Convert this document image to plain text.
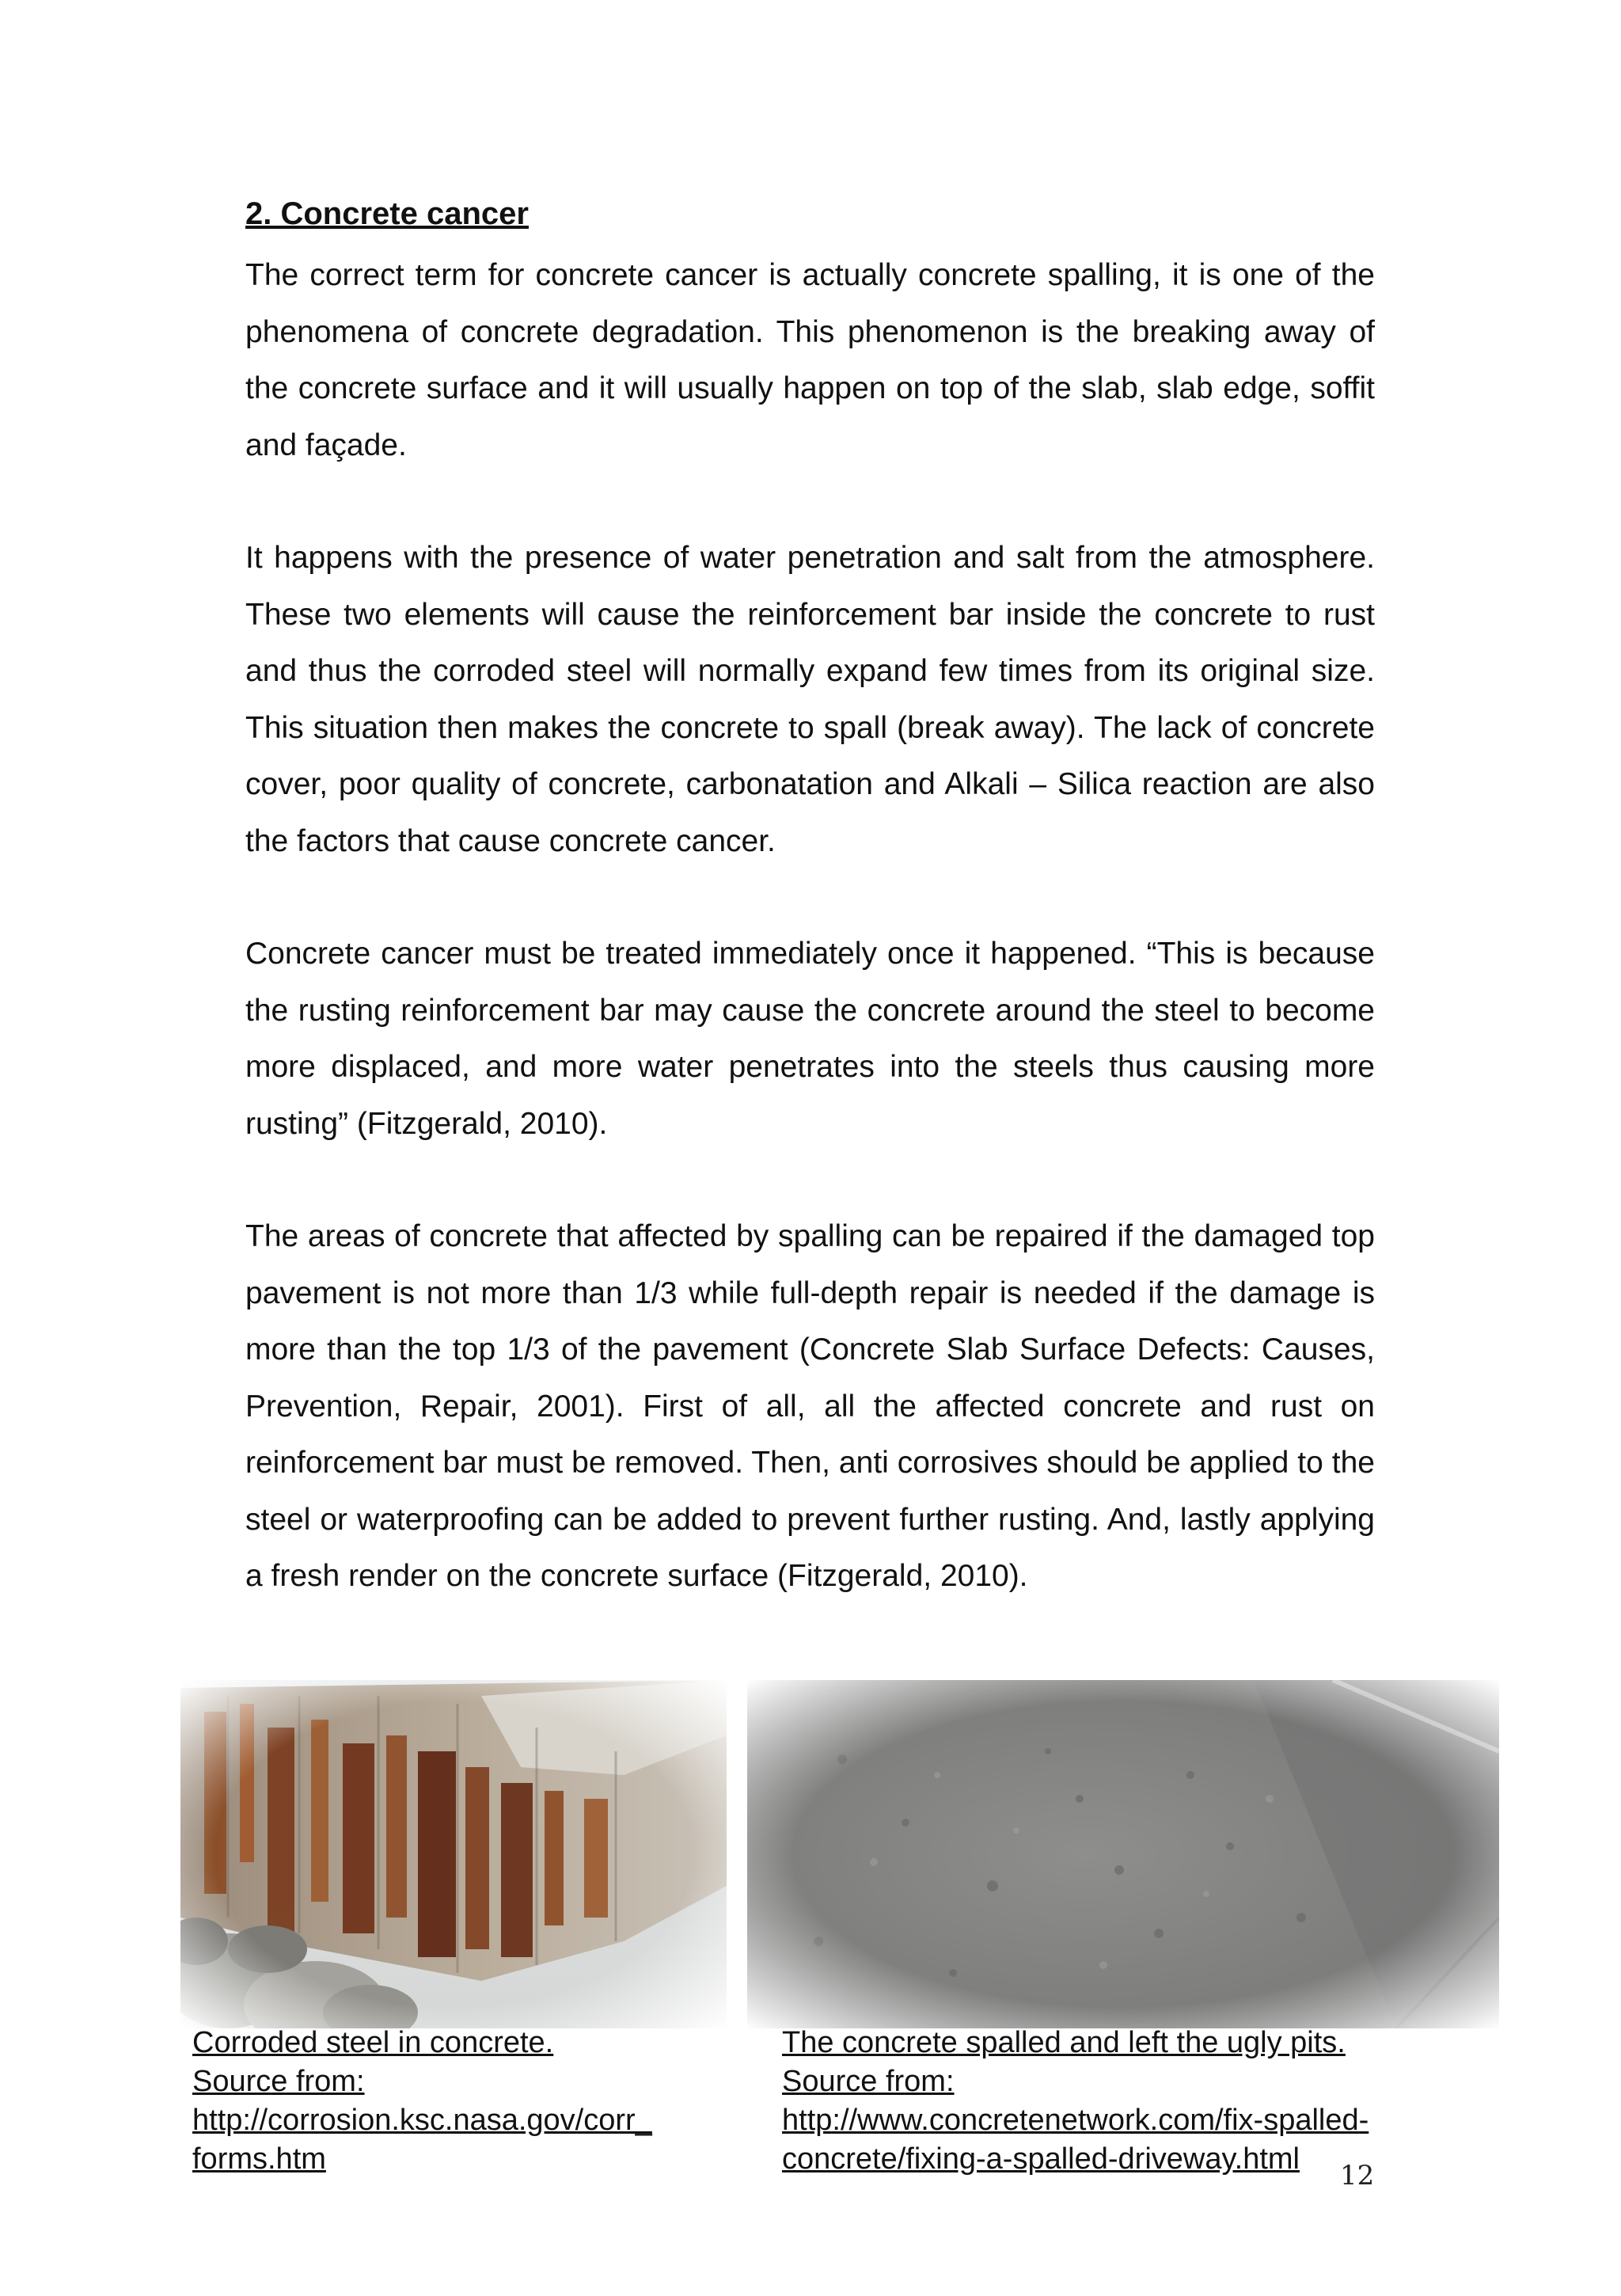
2. Concrete cancer

The correct term for concrete cancer is actually concrete spalling, it is one of the phenomena of concrete degradation. This phenomenon is the breaking away of the concrete surface and it will usually happen on top of the slab, slab edge, soffit and façade.

It happens with the presence of water penetration and salt from the atmosphere. These two elements will cause the reinforcement bar inside the concrete to rust and thus the corroded steel will normally expand few times from its original size. This situation then makes the concrete to spall (break away). The lack of concrete cover, poor quality of concrete, carbonatation and Alkali – Silica reaction are also the factors that cause concrete cancer.

Concrete cancer must be treated immediately once it happened. “This is because the rusting reinforcement bar may cause the concrete around the steel to become more displaced, and more water penetrates into the steels thus causing more rusting” (Fitzgerald, 2010).

The areas of concrete that affected by spalling can be repaired if the damaged top pavement is not more than 1/3 while full-depth repair is needed if the damage is more than the top 1/3 of the pavement (Concrete Slab Surface Defects: Causes, Prevention, Repair, 2001). First of all, all the affected concrete and rust on reinforcement bar must be removed. Then, anti corrosives should be applied to the steel or waterproofing can be added to prevent further rusting. And, lastly applying a fresh render on the concrete surface (Fitzgerald, 2010).

Corroded steel in concrete.
Source from:
http://corrosion.ksc.nasa.gov/corr_
forms.htm
The concrete spalled and left the ugly pits.
Source from:
http://www.concretenetwork.com/fix-spalled-
concrete/fixing-a-spalled-driveway.html	12
